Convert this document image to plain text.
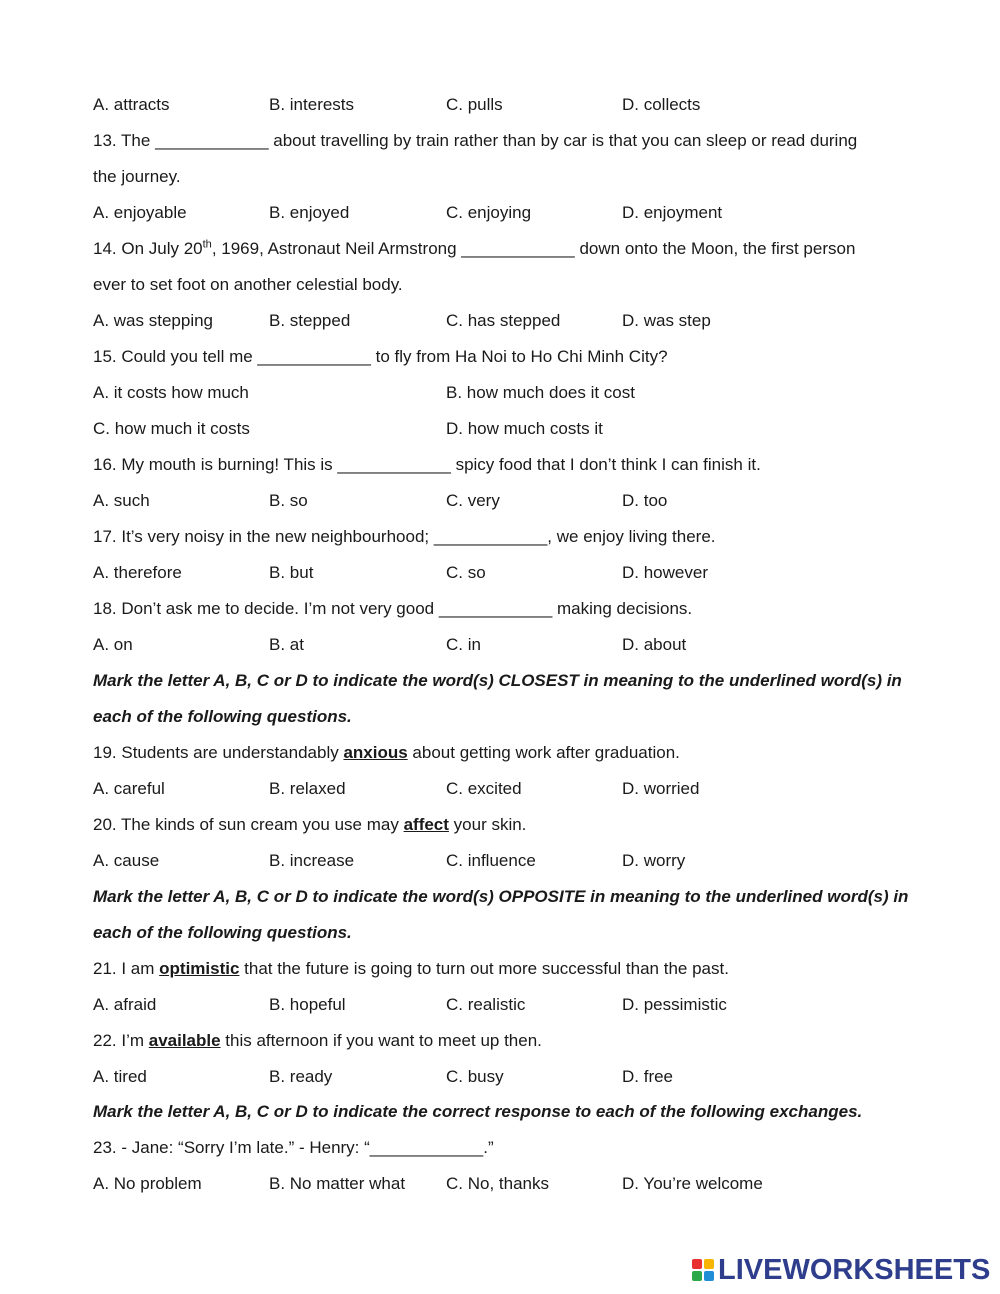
A. attracts	B. interests	C. pulls	D. collects
13. The ____________ about travelling by train rather than by car is that you can sleep or read during
the journey.
A. enjoyable	B. enjoyed	C. enjoying	D. enjoyment
14. On July 20th, 1969, Astronaut Neil Armstrong ____________ down onto the Moon, the first person
ever to set foot on another celestial body.
A. was stepping	B. stepped	C. has stepped	D. was step
15. Could you tell me ____________ to fly from Ha Noi to Ho Chi Minh City?
A. it costs how much	B. how much does it cost
C. how much it costs	D. how much costs it
16. My mouth is burning! This is ____________ spicy food that I don’t think I can finish it.
A. such	B. so	C. very	D. too
17. It’s very noisy in the new neighbourhood; ____________, we enjoy living there.
A. therefore	B. but	C. so	D. however
18. Don’t ask me to decide. I’m not very good ____________ making decisions.
A. on	B. at	C. in	D. about
Mark the letter A, B, C or D to indicate the word(s) CLOSEST in meaning to the underlined word(s) in
each of the following questions.
19. Students are understandably anxious about getting work after graduation.
A. careful	B. relaxed	C. excited	D. worried
20. The kinds of sun cream you use may affect your skin.
A. cause	B. increase	C. influence	D. worry
Mark the letter A, B, C or D to indicate the word(s) OPPOSITE in meaning to the underlined word(s) in
each of the following questions.
21. I am optimistic that the future is going to turn out more successful than the past.
A. afraid	B. hopeful	C. realistic	D. pessimistic
22. I’m available this afternoon if you want to meet up then.
A. tired	B. ready	C. busy	D. free
Mark the letter A, B, C or D to indicate the correct response to each of the following exchanges.
23. - Jane: “Sorry I’m late.” - Henry: “____________.”
A. No problem	B. No matter what C. No, thanks	D. You’re welcome
LIVEWORKSHEETS
